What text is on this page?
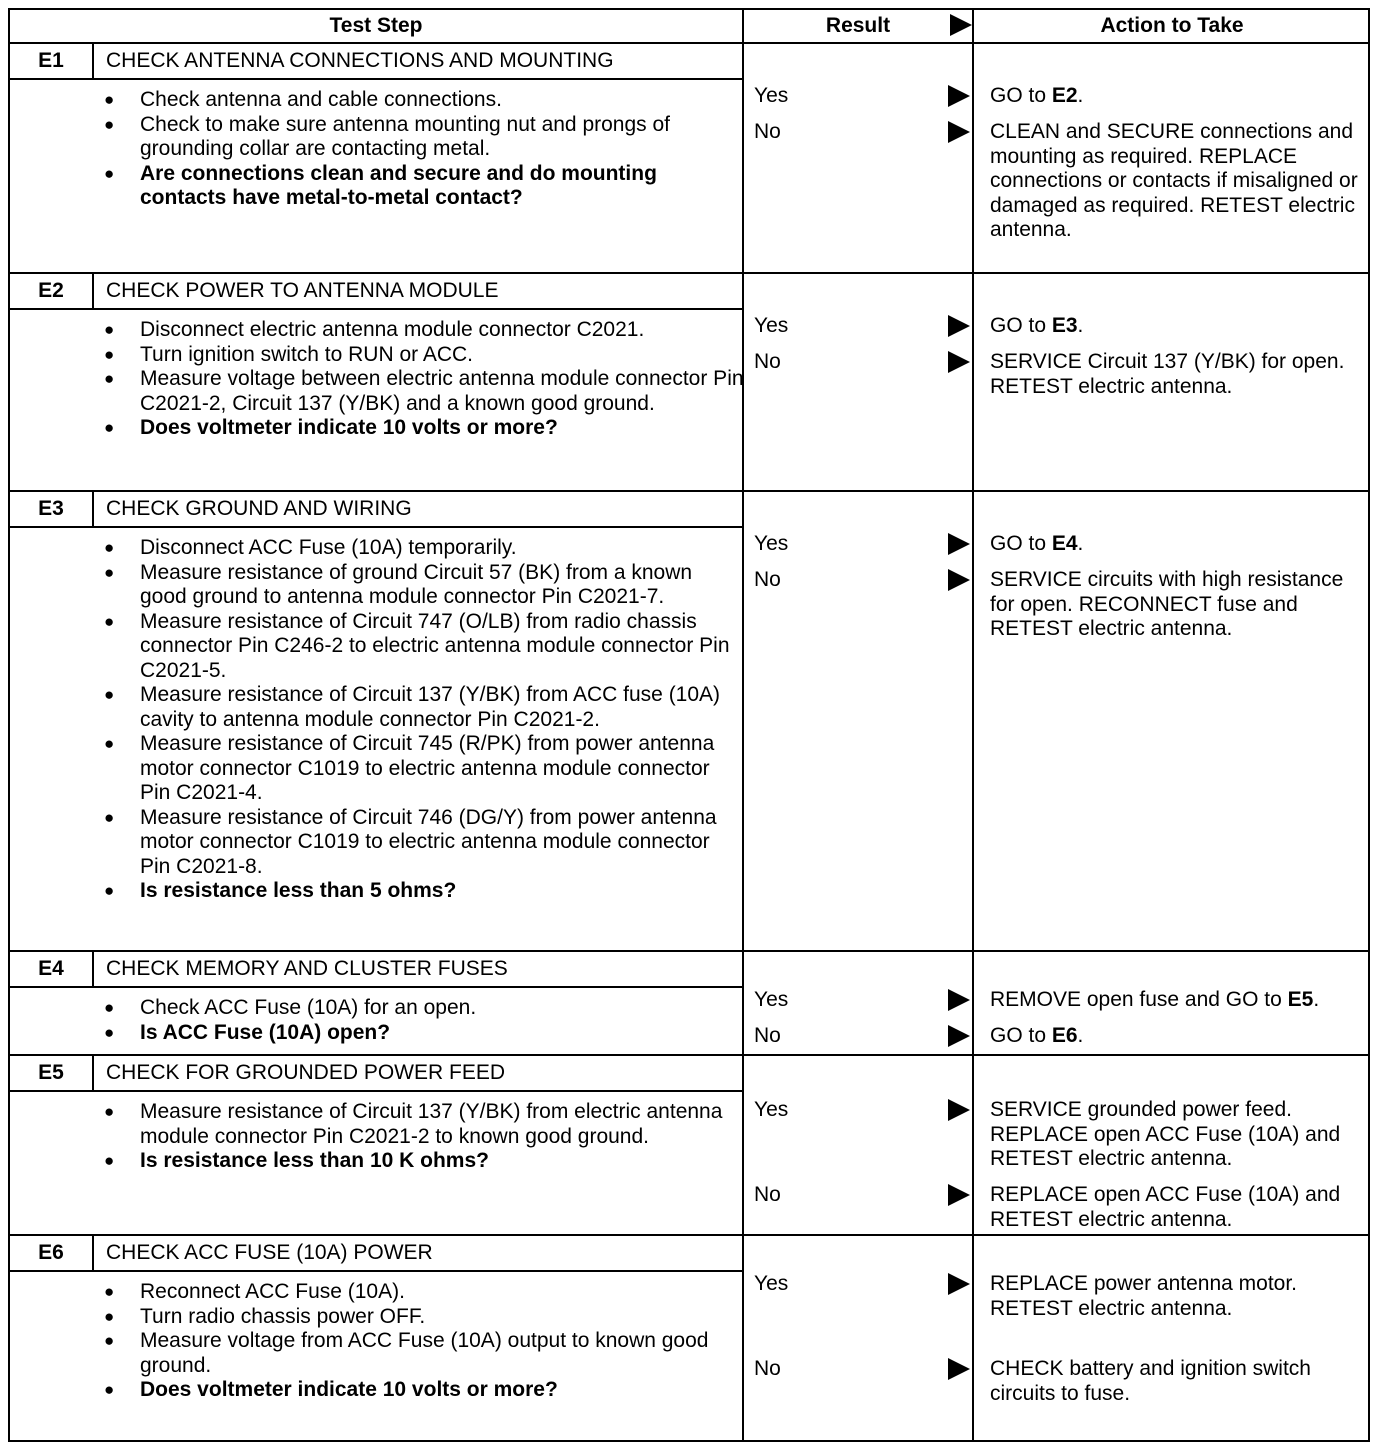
Test Step	Result	Action to Take
E1	CHECK ANTENNA CONNECTIONS AND MOUNTING
● Check antenna and cable connections.
● Check to make sure antenna mounting nut and prongs of grounding collar are contacting metal.
● Are connections clean and secure and do mounting contacts have metal-to-metal contact?
Yes	GO to E2.
No	CLEAN and SECURE connections and mounting as required. REPLACE connections or contacts if misaligned or damaged as required. RETEST electric antenna.
E2	CHECK POWER TO ANTENNA MODULE
● Disconnect electric antenna module connector C2021.
● Turn ignition switch to RUN or ACC.
● Measure voltage between electric antenna module connector Pin C2021-2, Circuit 137 (Y/BK) and a known good ground.
● Does voltmeter indicate 10 volts or more?
Yes	GO to E3.
No	SERVICE Circuit 137 (Y/BK) for open. RETEST electric antenna.
E3	CHECK GROUND AND WIRING
● Disconnect ACC Fuse (10A) temporarily.
● Measure resistance of ground Circuit 57 (BK) from a known good ground to antenna module connector Pin C2021-7.
● Measure resistance of Circuit 747 (O/LB) from radio chassis connector Pin C246-2 to electric antenna module connector Pin C2021-5.
● Measure resistance of Circuit 137 (Y/BK) from ACC fuse (10A) cavity to antenna module connector Pin C2021-2.
● Measure resistance of Circuit 745 (R/PK) from power antenna motor connector C1019 to electric antenna module connector Pin C2021-4.
● Measure resistance of Circuit 746 (DG/Y) from power antenna motor connector C1019 to electric antenna module connector Pin C2021-8.
● Is resistance less than 5 ohms?
Yes	GO to E4.
No	SERVICE circuits with high resistance for open. RECONNECT fuse and RETEST electric antenna.
E4	CHECK MEMORY AND CLUSTER FUSES
● Check ACC Fuse (10A) for an open.
● Is ACC Fuse (10A) open?
Yes	REMOVE open fuse and GO to E5.
No	GO to E6.
E5	CHECK FOR GROUNDED POWER FEED
● Measure resistance of Circuit 137 (Y/BK) from electric antenna module connector Pin C2021-2 to known good ground.
● Is resistance less than 10 K ohms?
Yes	SERVICE grounded power feed. REPLACE open ACC Fuse (10A) and RETEST electric antenna.
No	REPLACE open ACC Fuse (10A) and RETEST electric antenna.
E6	CHECK ACC FUSE (10A) POWER
● Reconnect ACC Fuse (10A).
● Turn radio chassis power OFF.
● Measure voltage from ACC Fuse (10A) output to known good ground.
● Does voltmeter indicate 10 volts or more?
Yes	REPLACE power antenna motor. RETEST electric antenna.
No	CHECK battery and ignition switch circuits to fuse.
